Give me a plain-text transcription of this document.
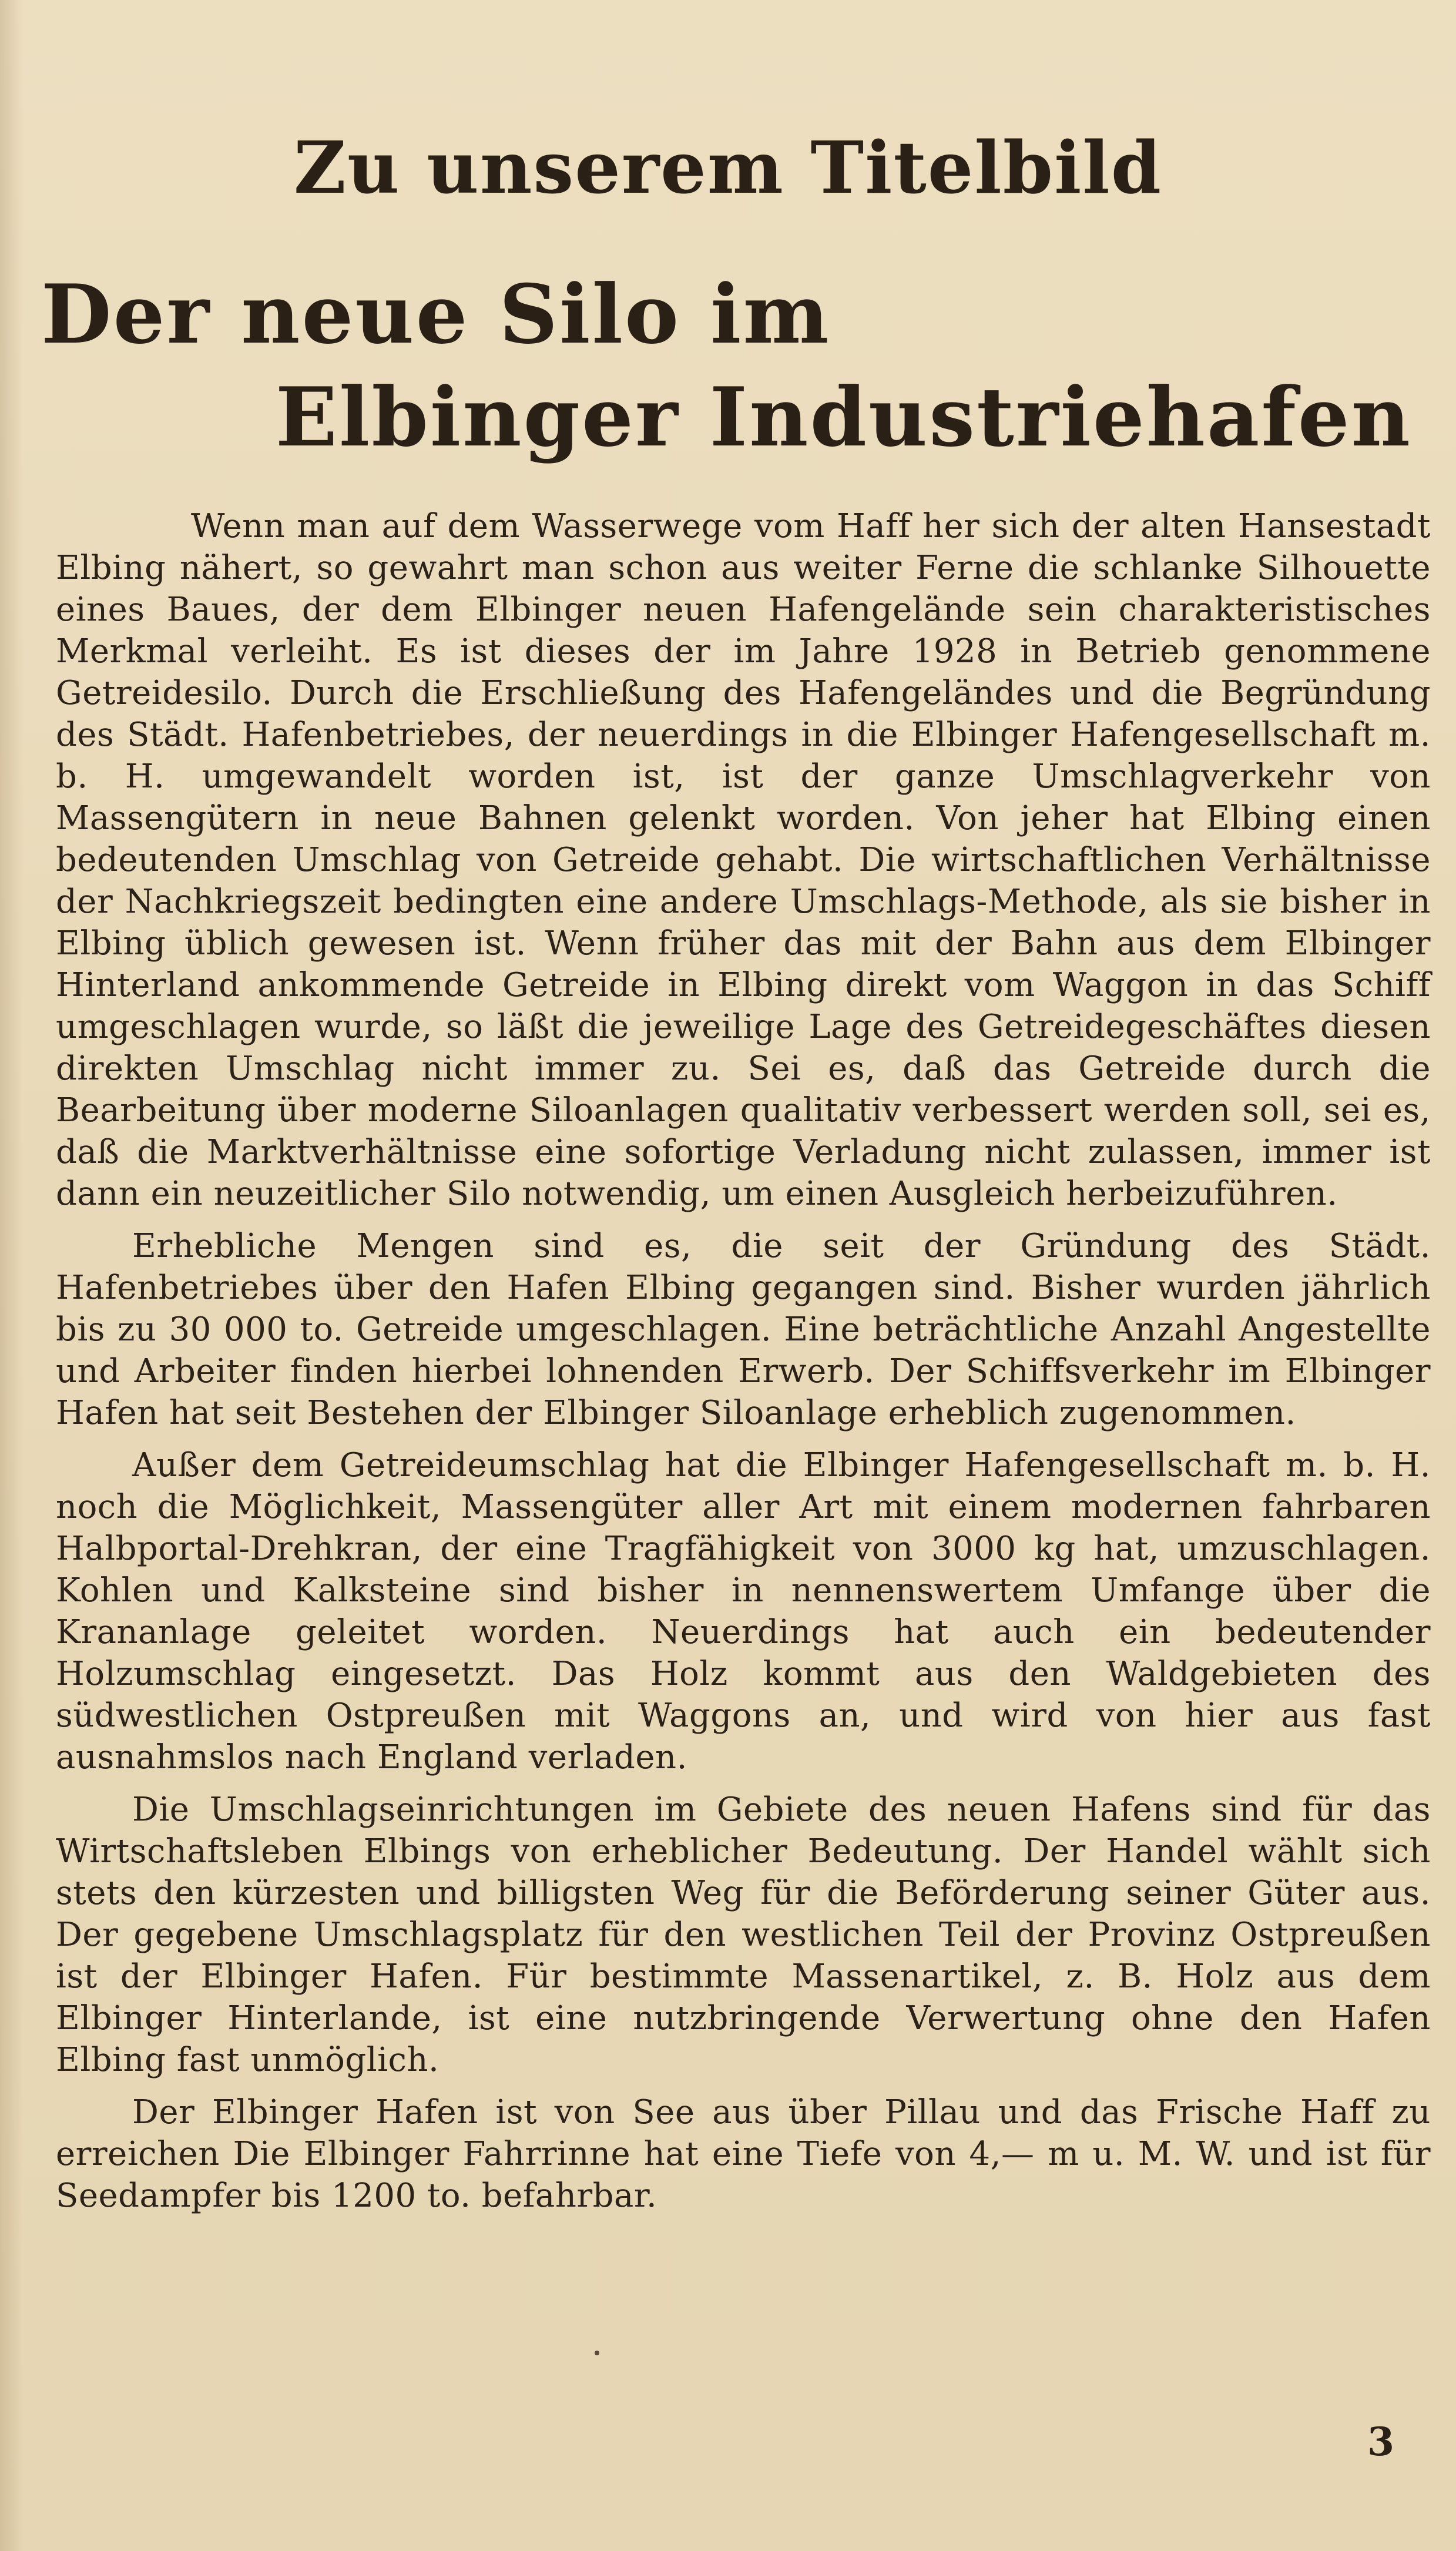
Zu unserem Titelbild
Der neue Silo im
Elbinger Industriehafen

Wenn man auf dem Wasserwege vom Haff her sich der alten Hansestadt Elbing nähert, so gewahrt man schon aus weiter Ferne die schlanke Silhouette eines Baues, der dem Elbinger neuen Hafengelände sein charakteristisches Merkmal verleiht. Es ist dieses der im Jahre 1928 in Betrieb genommene Getreidesilo. Durch die Erschließung des Hafengeländes und die Begründung des Städt. Hafenbetriebes, der neuerdings in die Elbinger Hafengesellschaft m. b. H. umgewandelt worden ist, ist der ganze Umschlagverkehr von Massengütern in neue Bahnen gelenkt worden. Von jeher hat Elbing einen bedeutenden Umschlag von Getreide gehabt. Die wirtschaftlichen Verhältnisse der Nachkriegszeit bedingten eine andere Umschlags-Methode, als sie bisher in Elbing üblich gewesen ist. Wenn früher das mit der Bahn aus dem Elbinger Hinterland ankommende Getreide in Elbing direkt vom Waggon in das Schiff umgeschlagen wurde, so läßt die jeweilige Lage des Getreidegeschäftes diesen direkten Umschlag nicht immer zu. Sei es, daß das Getreide durch die Bearbeitung über moderne Siloanlagen qualitativ verbessert werden soll, sei es, daß die Marktverhältnisse eine sofortige Verladung nicht zulassen, immer ist dann ein neuzeitlicher Silo notwendig, um einen Ausgleich herbeizuführen.

Erhebliche Mengen sind es, die seit der Gründung des Städt. Hafenbetriebes über den Hafen Elbing gegangen sind. Bisher wurden jährlich bis zu 30 000 to. Getreide umgeschlagen. Eine beträchtliche Anzahl Angestellte und Arbeiter finden hierbei lohnenden Erwerb. Der Schiffsverkehr im Elbinger Hafen hat seit Bestehen der Elbinger Siloanlage erheblich zugenommen.

Außer dem Getreideumschlag hat die Elbinger Hafengesellschaft m. b. H. noch die Möglichkeit, Massengüter aller Art mit einem modernen fahrbaren Halbportal-Drehkran, der eine Tragfähigkeit von 3000 kg hat, umzuschlagen. Kohlen und Kalksteine sind bisher in nennenswertem Umfange über die Krananlage geleitet worden. Neuerdings hat auch ein bedeutender Holzumschlag eingesetzt. Das Holz kommt aus den Waldgebieten des südwestlichen Ostpreußen mit Waggons an, und wird von hier aus fast ausnahmslos nach England verladen.

Die Umschlagseinrichtungen im Gebiete des neuen Hafens sind für das Wirtschaftsleben Elbings von erheblicher Bedeutung. Der Handel wählt sich stets den kürzesten und billigsten Weg für die Beförderung seiner Güter aus. Der gegebene Umschlagsplatz für den westlichen Teil der Provinz Ostpreußen ist der Elbinger Hafen. Für bestimmte Massenartikel, z. B. Holz aus dem Elbinger Hinterlande, ist eine nutzbringende Verwertung ohne den Hafen Elbing fast unmöglich.

Der Elbinger Hafen ist von See aus über Pillau und das Frische Haff zu erreichen Die Elbinger Fahrrinne hat eine Tiefe von 4,— m u. M. W. und ist für Seedampfer bis 1200 to. befahrbar.

3
